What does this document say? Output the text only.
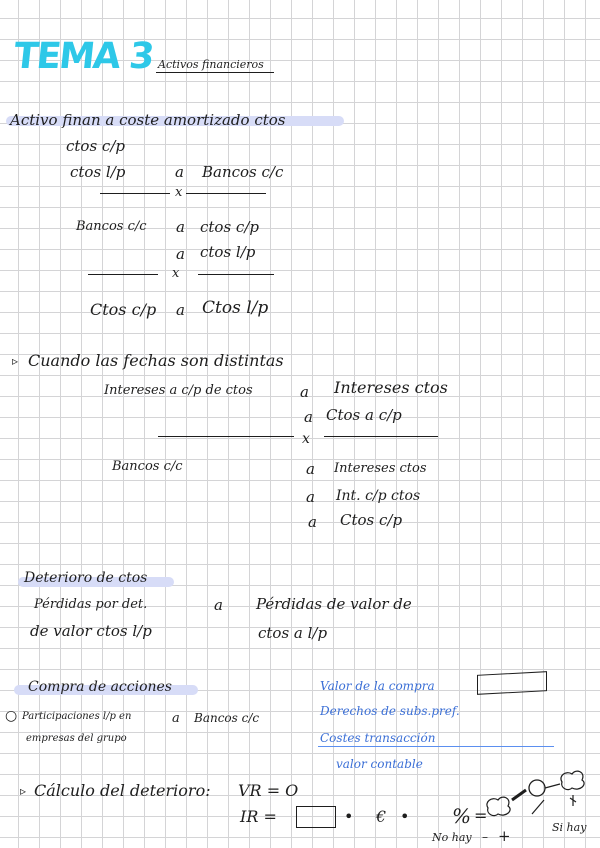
TEMA 3 Activos financieros
Activo finan a coste amortizado ctos
ctos c/p
ctos l/p	a Bancos c/c
x
Bancos c/c a ctos c/p
a ctos l/p
x
Ctos c/p a Ctos l/p
▹ Cuando las fechas son distintas
Intereses a c/p de ctos	a Intereses ctos
a Ctos a c/p
x
Bancos c/c	a Intereses ctos
a Int. c/p ctos
a Ctos c/p
Deterioro de ctos
Pérdidas por det.	a Pérdidas de valor de
de valor ctos l/p	ctos a l/p
Compra de acciones
○ Participaciones l/p en
empresas del grupo
a Bancos c/c
Valor de la compra
Derechos de subs.pref.
Costes transacción
valor contable
▹ Cálculo del deterioro: VR = O
IR =	• € • % =
Si hay
No hay – +
